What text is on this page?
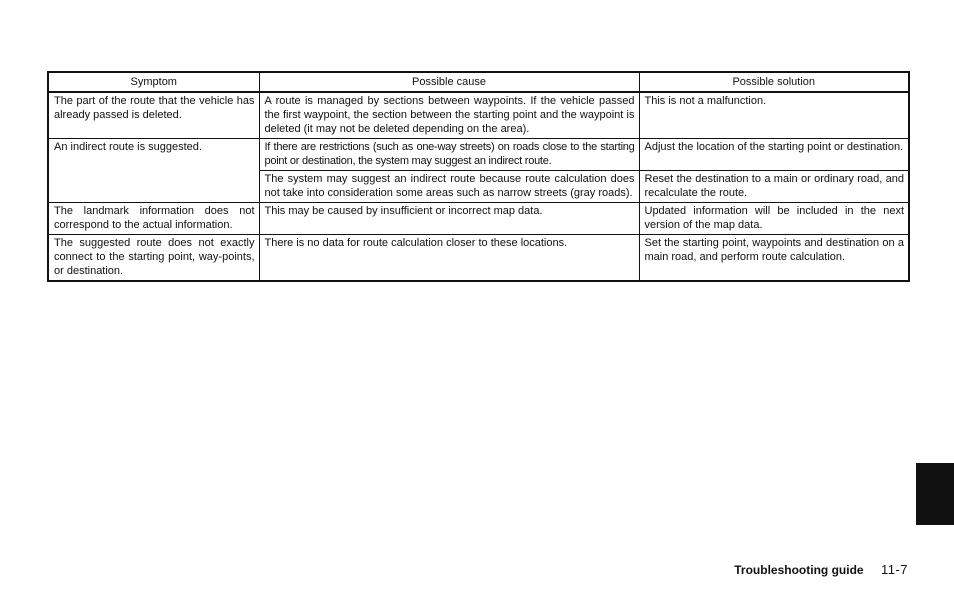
Symptom	Possible cause	Possible solution
The part of the route that the vehicle has already passed is deleted.	A route is managed by sections between waypoints. If the vehicle passed the first waypoint, the section between the starting point and the waypoint is deleted (it may not be deleted depending on the area).	This is not a malfunction.
An indirect route is suggested.	If there are restrictions (such as one-way streets) on roads close to the starting point or destination, the system may suggest an indirect route.	Adjust the location of the starting point or destination.
	The system may suggest an indirect route because route calculation does not take into consideration some areas such as narrow streets (gray roads).	Reset the destination to a main or ordinary road, and recalculate the route.
The landmark information does not correspond to the actual information.	This may be caused by insufficient or incorrect map data.	Updated information will be included in the next version of the map data.
The suggested route does not exactly connect to the starting point, way-points, or destination.	There is no data for route calculation closer to these locations.	Set the starting point, waypoints and destination on a main road, and perform route calculation.
Troubleshooting guide 11-7
